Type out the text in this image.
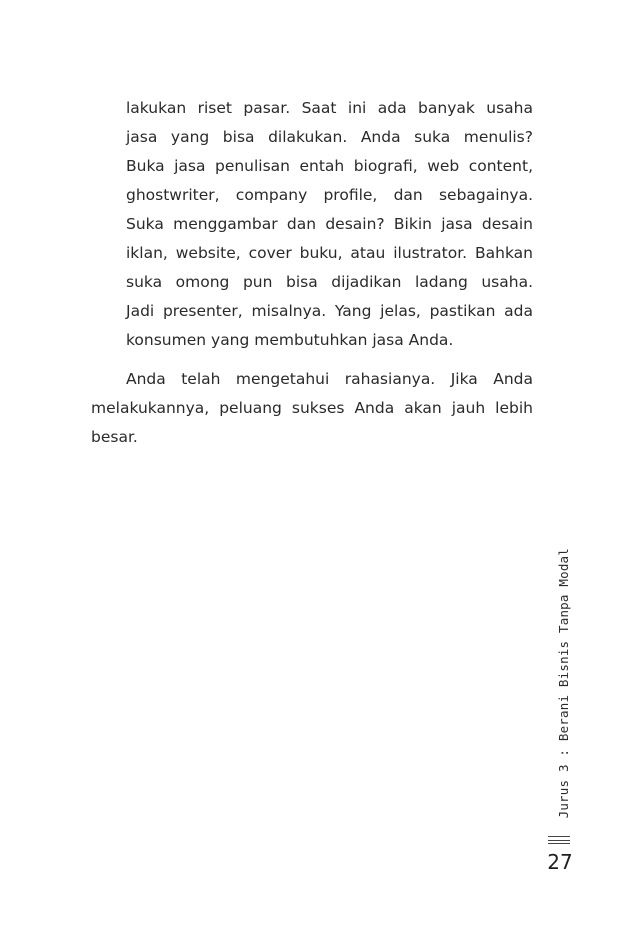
lakukan riset pasar. Saat ini ada banyak usaha
jasa yang bisa dilakukan. Anda suka menulis?
Buka jasa penulisan entah biografi, web content,
ghostwriter, company profile, dan sebagainya.
Suka menggambar dan desain? Bikin jasa desain
iklan, website, cover buku, atau ilustrator. Bahkan
suka omong pun bisa dijadikan ladang usaha.
Jadi presenter, misalnya. Yang jelas, pastikan ada
konsumen yang membutuhkan jasa Anda.
Anda telah mengetahui rahasianya. Jika Anda
melakukannya, peluang sukses Anda akan jauh lebih
besar.
Jurus 3 : Berani Bisnis Tanpa Modal
27
